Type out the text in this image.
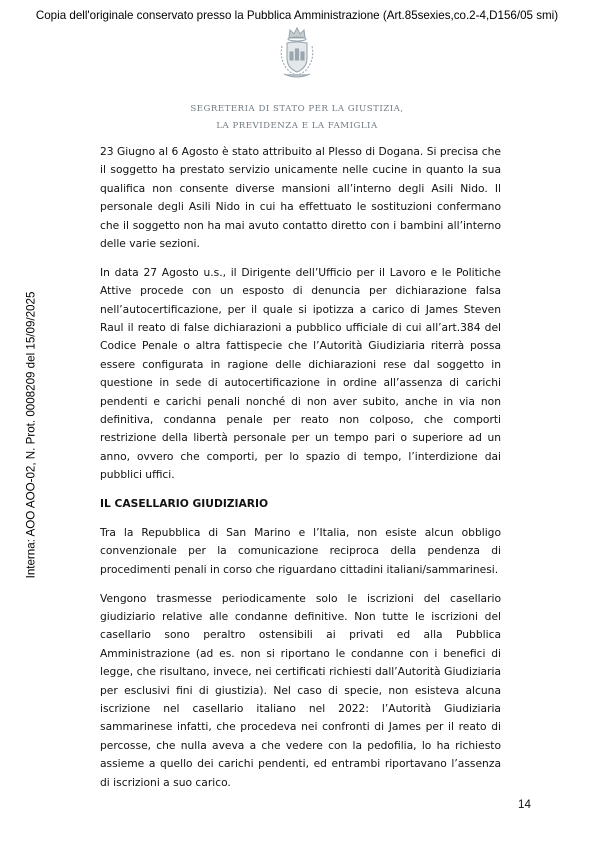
Copia dell'originale conservato presso la Pubblica Amministrazione (Art.85sexies,co.2-4,D156/05 smi)
Interna: AOO AOO-02, N. Prot. 0008209 del 15/09/2025
SEGRETERIA DI STATO PER LA GIUSTIZIA,
LA PREVIDENZA E LA FAMIGLIA

23 Giugno al 6 Agosto è stato attribuito al Plesso di Dogana. Si precisa che il soggetto ha prestato servizio unicamente nelle cucine in quanto la sua qualifica non consente diverse mansioni all’interno degli Asili Nido. Il personale degli Asili Nido in cui ha effettuato le sostituzioni confermano che il soggetto non ha mai avuto contatto diretto con i bambini all’interno delle varie sezioni.

In data 27 Agosto u.s., il Dirigente dell’Ufficio per il Lavoro e le Politiche Attive procede con un esposto di denuncia per dichiarazione falsa nell’autocertificazione, per il quale si ipotizza a carico di James Steven Raul il reato di false dichiarazioni a pubblico ufficiale di cui all’art.384 del Codice Penale o altra fattispecie che l’Autorità Giudiziaria riterrà possa essere configurata in ragione delle dichiarazioni rese dal soggetto in questione in sede di autocertificazione in ordine all’assenza di carichi pendenti e carichi penali nonché di non aver subito, anche in via non definitiva, condanna penale per reato non colposo, che comporti restrizione della libertà personale per un tempo pari o superiore ad un anno, ovvero che comporti, per lo spazio di tempo, l’interdizione dai pubblici uffici.

IL CASELLARIO GIUDIZIARIO

Tra la Repubblica di San Marino e l’Italia, non esiste alcun obbligo convenzionale per la comunicazione reciproca della pendenza di procedimenti penali in corso che riguardano cittadini italiani/sammarinesi.

Vengono trasmesse periodicamente solo le iscrizioni del casellario giudiziario relative alle condanne definitive. Non tutte le iscrizioni del casellario sono peraltro ostensibili ai privati ed alla Pubblica Amministrazione (ad es. non si riportano le condanne con i benefici di legge, che risultano, invece, nei certificati richiesti dall’Autorità Giudiziaria per esclusivi fini di giustizia). Nel caso di specie, non esisteva alcuna iscrizione nel casellario italiano nel 2022: l’Autorità Giudiziaria sammarinese infatti, che procedeva nei confronti di James per il reato di percosse, che nulla aveva a che vedere con la pedofilia, lo ha richiesto assieme a quello dei carichi pendenti, ed entrambi riportavano l’assenza di iscrizioni a suo carico.

14
